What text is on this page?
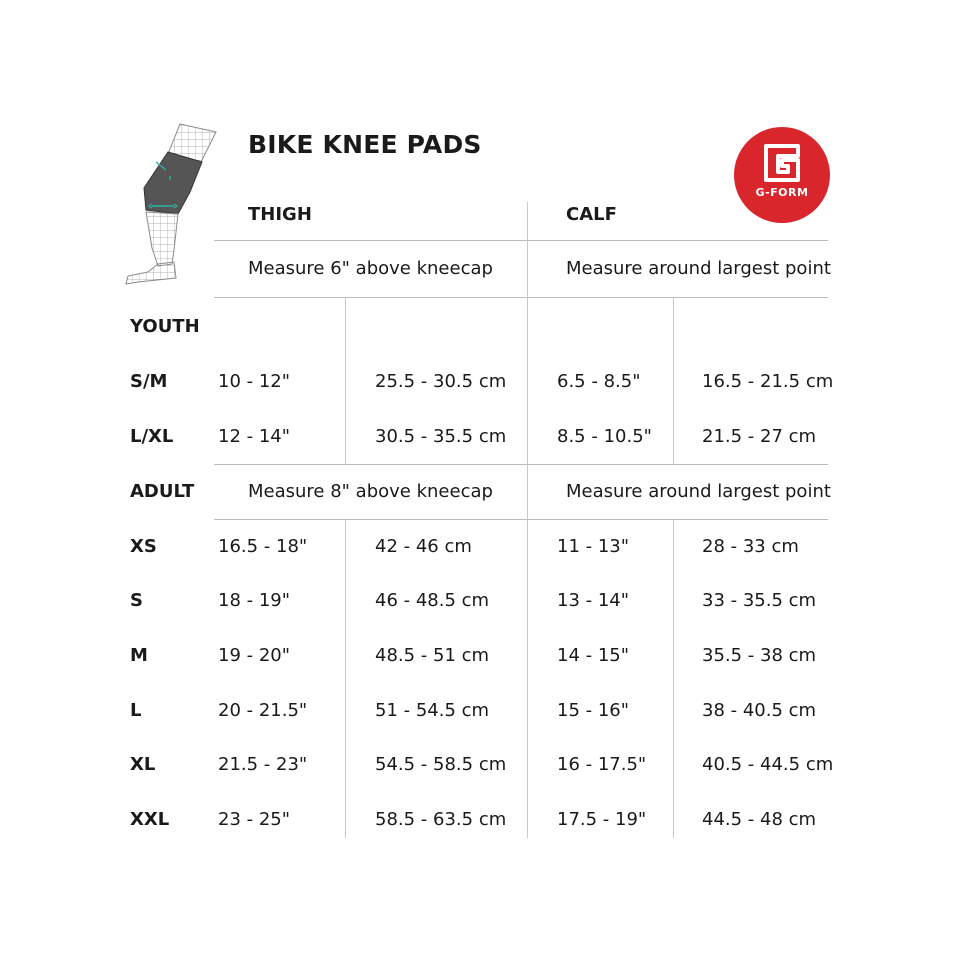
BIKE KNEE PADS
G-FORM
THIGH	CALF
Measure 6" above kneecap	Measure around largest point
YOUTH
S/M	10 - 12"	25.5 - 30.5 cm	6.5 - 8.5"	16.5 - 21.5 cm
L/XL 12 - 14"	30.5 - 35.5 cm	8.5 - 10.5"	21.5 - 27 cm
ADULT	Measure 8" above kneecap	Measure around largest point
XS	16.5 - 18"	42 - 46 cm	11 - 13"	28 - 33 cm
S	18 - 19"	46 - 48.5 cm	13 - 14"	33 - 35.5 cm
M	19 - 20"	48.5 - 51 cm	14 - 15"	35.5 - 38 cm
L	20 - 21.5"	51 - 54.5 cm	15 - 16"	38 - 40.5 cm
XL	21.5 - 23"	54.5 - 58.5 cm	16 - 17.5"	40.5 - 44.5 cm
XXL	23 - 25"	58.5 - 63.5 cm	17.5 - 19"	44.5 - 48 cm
